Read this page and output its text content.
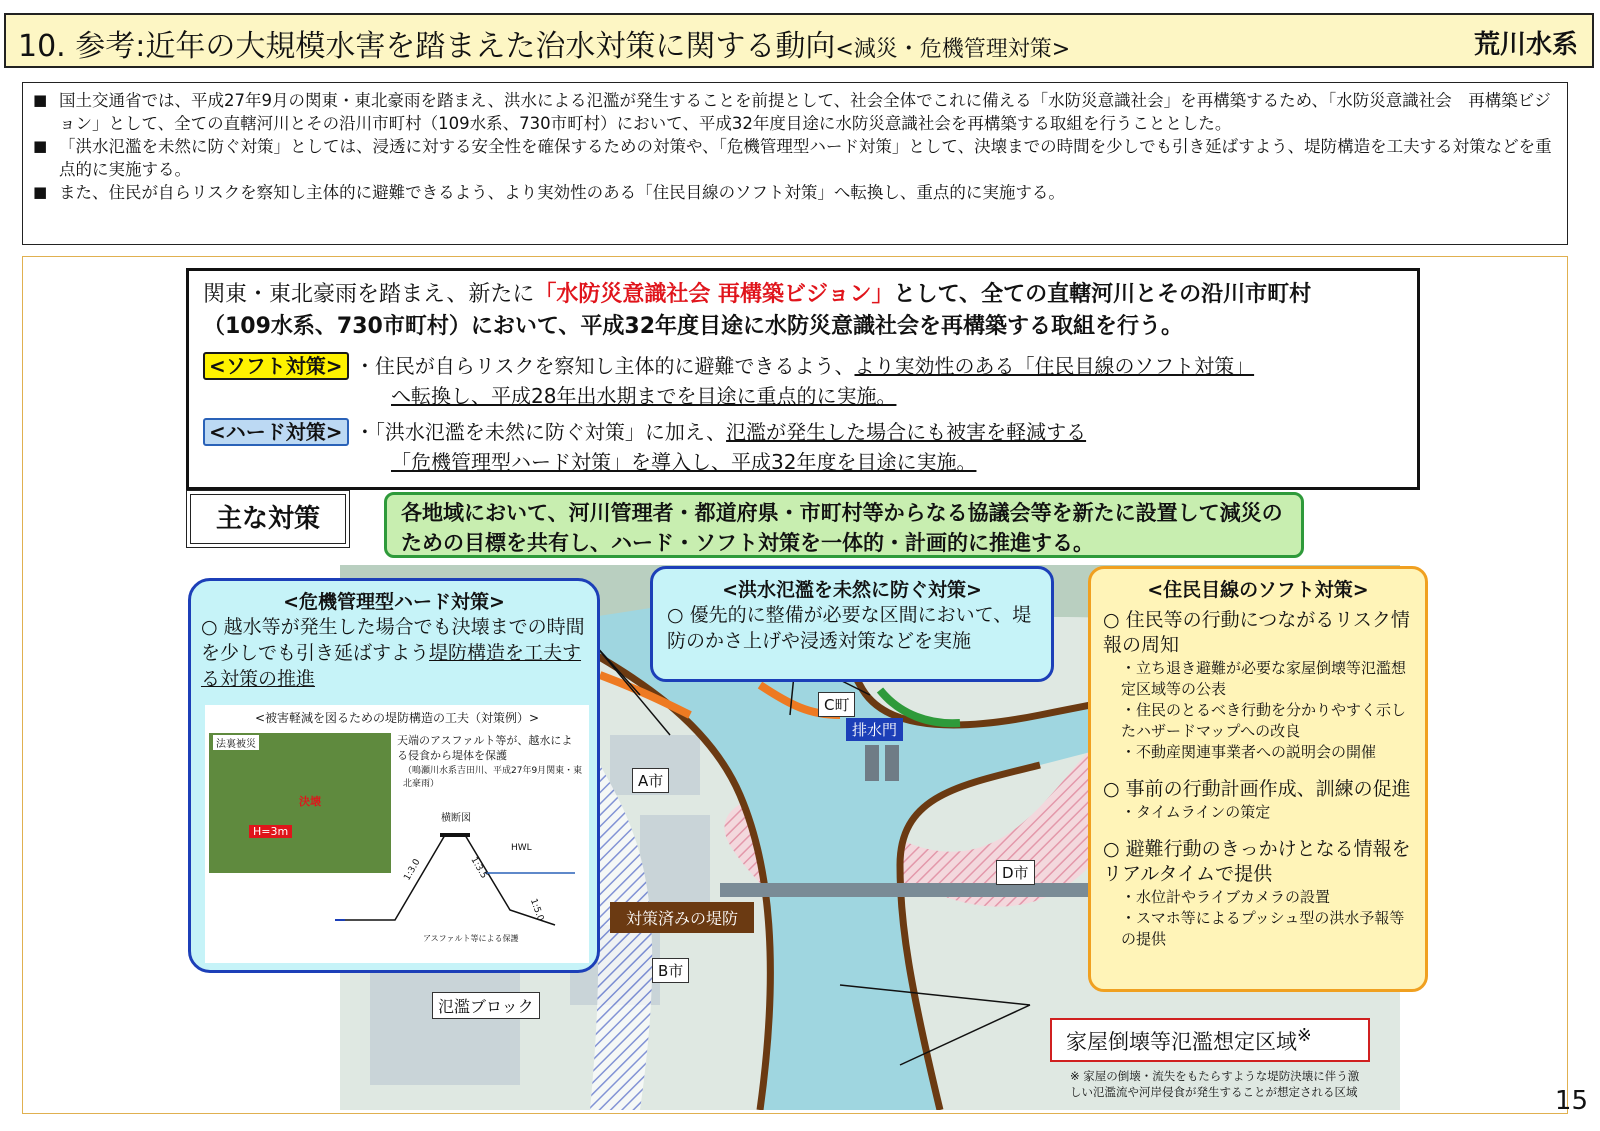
10. 参考:近年の大規模水害を踏まえた治水対策に関する動向<減災・危機管理対策>	荒川水系
■ 国土交通省では、平成27年9月の関東・東北豪雨を踏まえ、洪水による氾濫が発生することを前提として、社会全体でこれに備える「水防災意識社会」を再構築するため、「水防災意識社会　再構築ビジョン」として、全ての直轄河川とその沿川市町村（109水系、730市町村）において、平成32年度目途に水防災意識社会を再構築する取組を行うこととした。
■ 「洪水氾濫を未然に防ぐ対策」としては、浸透に対する安全性を確保するための対策や、「危機管理型ハード対策」として、決壊までの時間を少しでも引き延ばすよう、堤防構造を工夫する対策などを重点的に実施する。
■ また、住民が自らリスクを察知し主体的に避難できるよう、より実効性のある「住民目線のソフト対策」へ転換し、重点的に実施する。
関東・東北豪雨を踏まえ、新たに「水防災意識社会 再構築ビジョン」として、全ての直轄河川とその沿川市町村
（109水系、730市町村）において、平成32年度目途に水防災意識社会を再構築する取組を行う。
<ソフト対策> ・住民が自らリスクを察知し主体的に避難できるよう、より実効性のある「住民目線のソフト対策」
へ転換し、平成28年出水期までを目途に重点的に実施。
<ハード対策> ・「洪水氾濫を未然に防ぐ対策」に加え、氾濫が発生した場合にも被害を軽減する
「危機管理型ハード対策」を導入し、平成32年度を目途に実施。
主な対策	各地域において、河川管理者・都道府県・市町村等からなる協議会等を新たに設置して減災のための目標を共有し、ハード・ソフト対策を一体的・計画的に推進する。
C町
排水門
A市
B市
D市
対策済みの堤防
氾濫ブロック
<危機管理型ハード対策>
○ 越水等が発生した場合でも決壊までの時間を少しでも引き延ばすよう堤防構造を工夫する対策の推進
<被害軽減を図るための堤防構造の工夫（対策例）>
法裏被災
決壊
H=3m
天端のアスファルト等が、越水による侵食から堤体を保護
（鳴瀬川水系吉田川、平成27年9月関東・東北豪雨）
横断図
HWL
1:3.0	1:3.5
1:5.0
アスファルト等による保護
<洪水氾濫を未然に防ぐ対策>
○ 優先的に整備が必要な区間において、堤防のかさ上げや浸透対策などを実施
<住民目線のソフト対策>
○ 住民等の行動につながるリスク情報の周知
・立ち退き避難が必要な家屋倒壊等氾濫想定区域等の公表
・住民のとるべき行動を分かりやすく示したハザードマップへの改良
・不動産関連事業者への説明会の開催
○ 事前の行動計画作成、訓練の促進
・タイムラインの策定
○ 避難行動のきっかけとなる情報をリアルタイムで提供
・水位計やライブカメラの設置
・スマホ等によるプッシュ型の洪水予報等の提供
家屋倒壊等氾濫想定区域※
※ 家屋の倒壊・流失をもたらすような堤防決壊に伴う激しい氾濫流や河岸侵食が発生することが想定される区域	15
